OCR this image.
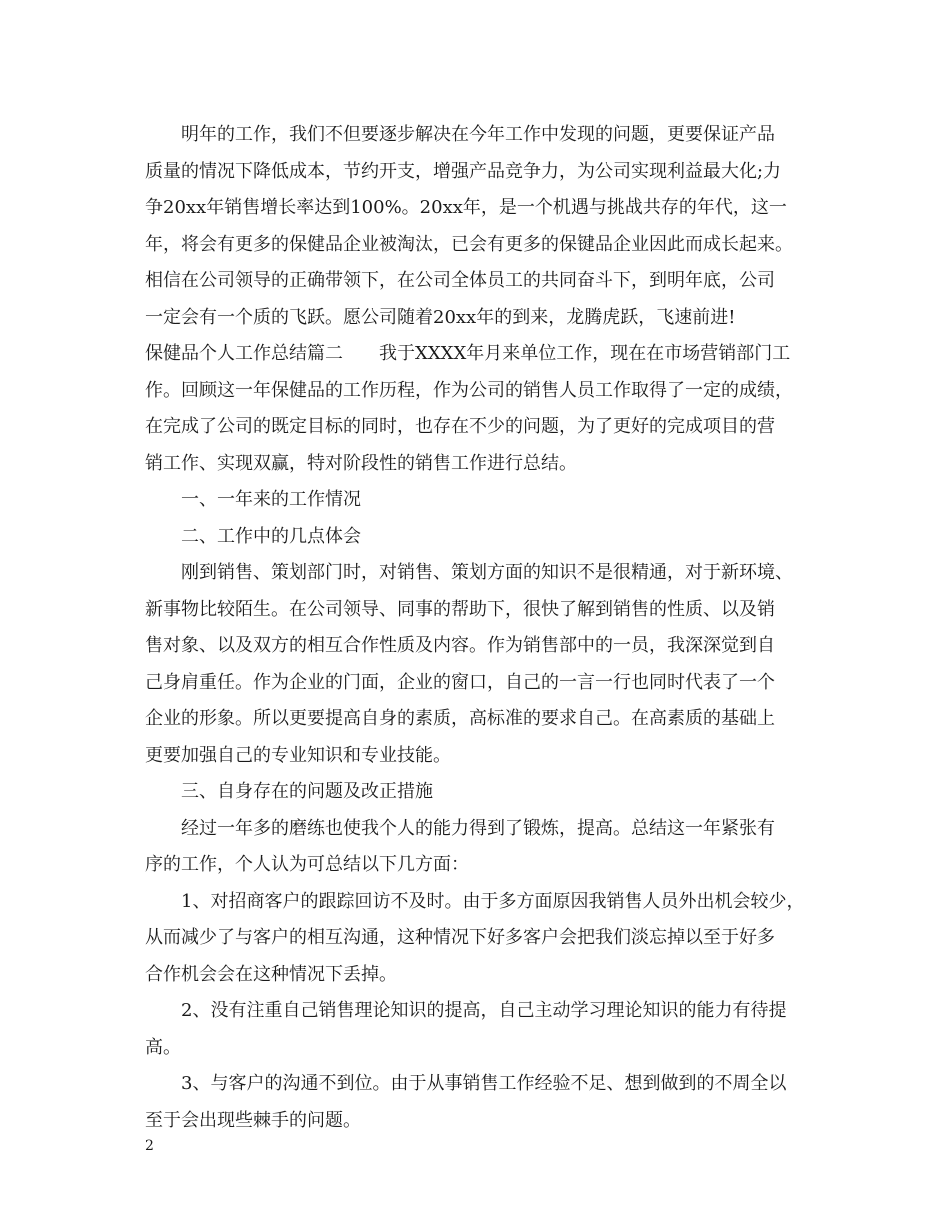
明年的工作，我们不但要逐步解决在今年工作中发现的问题，更要保证产品
质量的情况下降低成本，节约开支，增强产品竞争力，为公司实现利益最大化;力
争20xx年销售增长率达到100%。20xx年，是一个机遇与挑战共存的年代，这一
年，将会有更多的保健品企业被淘汰，已会有更多的保键品企业因此而成长起来。
相信在公司领导的正确带领下，在公司全体员工的共同奋斗下，到明年底，公司
一定会有一个质的飞跃。愿公司随着20xx年的到来，龙腾虎跃，飞速前进!
保健品个人工作总结篇二 我于XXXX年月来单位工作，现在在市场营销部门工
作。回顾这一年保健品的工作历程，作为公司的销售人员工作取得了一定的成绩，
在完成了公司的既定目标的同时，也存在不少的问题，为了更好的完成项目的营
销工作、实现双赢，特对阶段性的销售工作进行总结。
一、一年来的工作情况
二、工作中的几点体会
刚到销售、策划部门时，对销售、策划方面的知识不是很精通，对于新环境、
新事物比较陌生。在公司领导、同事的帮助下，很快了解到销售的性质、以及销
售对象、以及双方的相互合作性质及内容。作为销售部中的一员，我深深觉到自
己身肩重任。作为企业的门面，企业的窗口，自己的一言一行也同时代表了一个
企业的形象。所以更要提高自身的素质，高标准的要求自己。在高素质的基础上
更要加强自己的专业知识和专业技能。
三、自身存在的问题及改正措施
经过一年多的磨练也使我个人的能力得到了锻炼，提高。总结这一年紧张有
序的工作，个人认为可总结以下几方面：
1、对招商客户的跟踪回访不及时。由于多方面原因我销售人员外出机会较少，
从而减少了与客户的相互沟通，这种情况下好多客户会把我们淡忘掉以至于好多
合作机会会在这种情况下丢掉。
2、没有注重自己销售理论知识的提高，自己主动学习理论知识的能力有待提
高。
3、与客户的沟通不到位。由于从事销售工作经验不足、想到做到的不周全以
至于会出现些棘手的问题。
2
